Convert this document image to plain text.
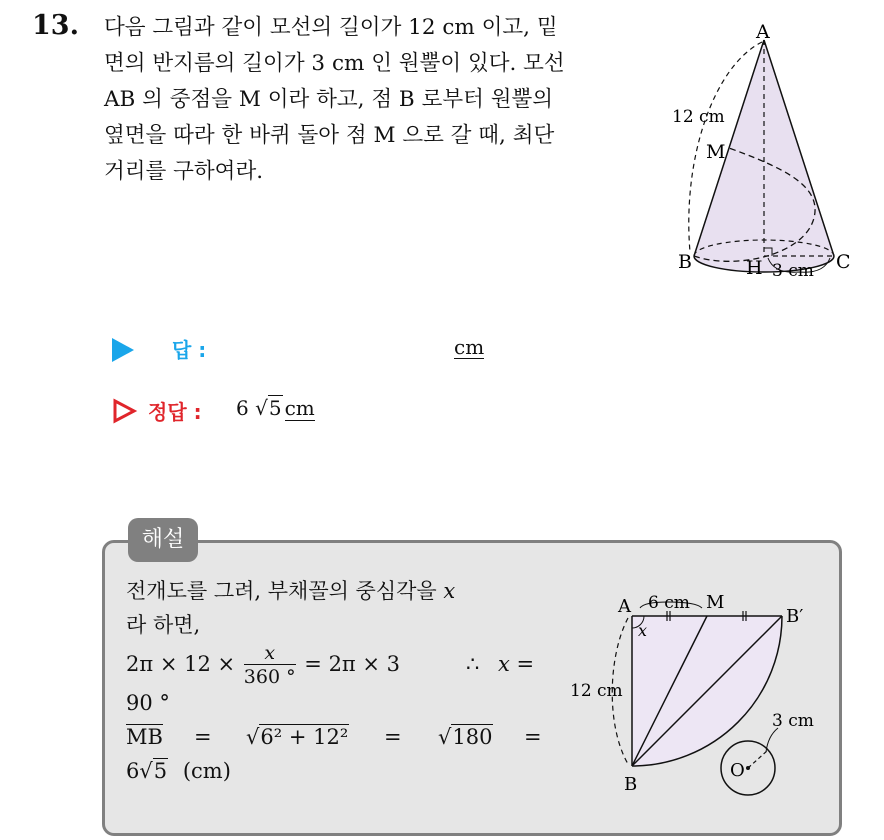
13. 다음 그림과 같이 모선의 길이가 12 cm 이고, 밑
면의 반지름의 길이가 3 cm 인 원뿔이 있다. 모선
AB 의 중점을 M 이라 하고, 점 B 로부터 원뿔의
옆면을 따라 한 바퀴 돌아 점 M 으로 갈 때, 최단
거리를 구하여라.
A
12 cm
M
B	H 3 cm C
답 :	cm
정답 : 6 √5 cm
해설
전개도를 그려, 부채꼴의 중심각을 x
라 하면,
$2\pi \times 12 \times \frac{x}{360 ^\circ} = 2\pi \times 3$	∴ x =
90 °
MB = √6² + 12² = √180 =
6√5 (cm)
A 6 cm M
B′
x
12 cm
B
O
3 cm
